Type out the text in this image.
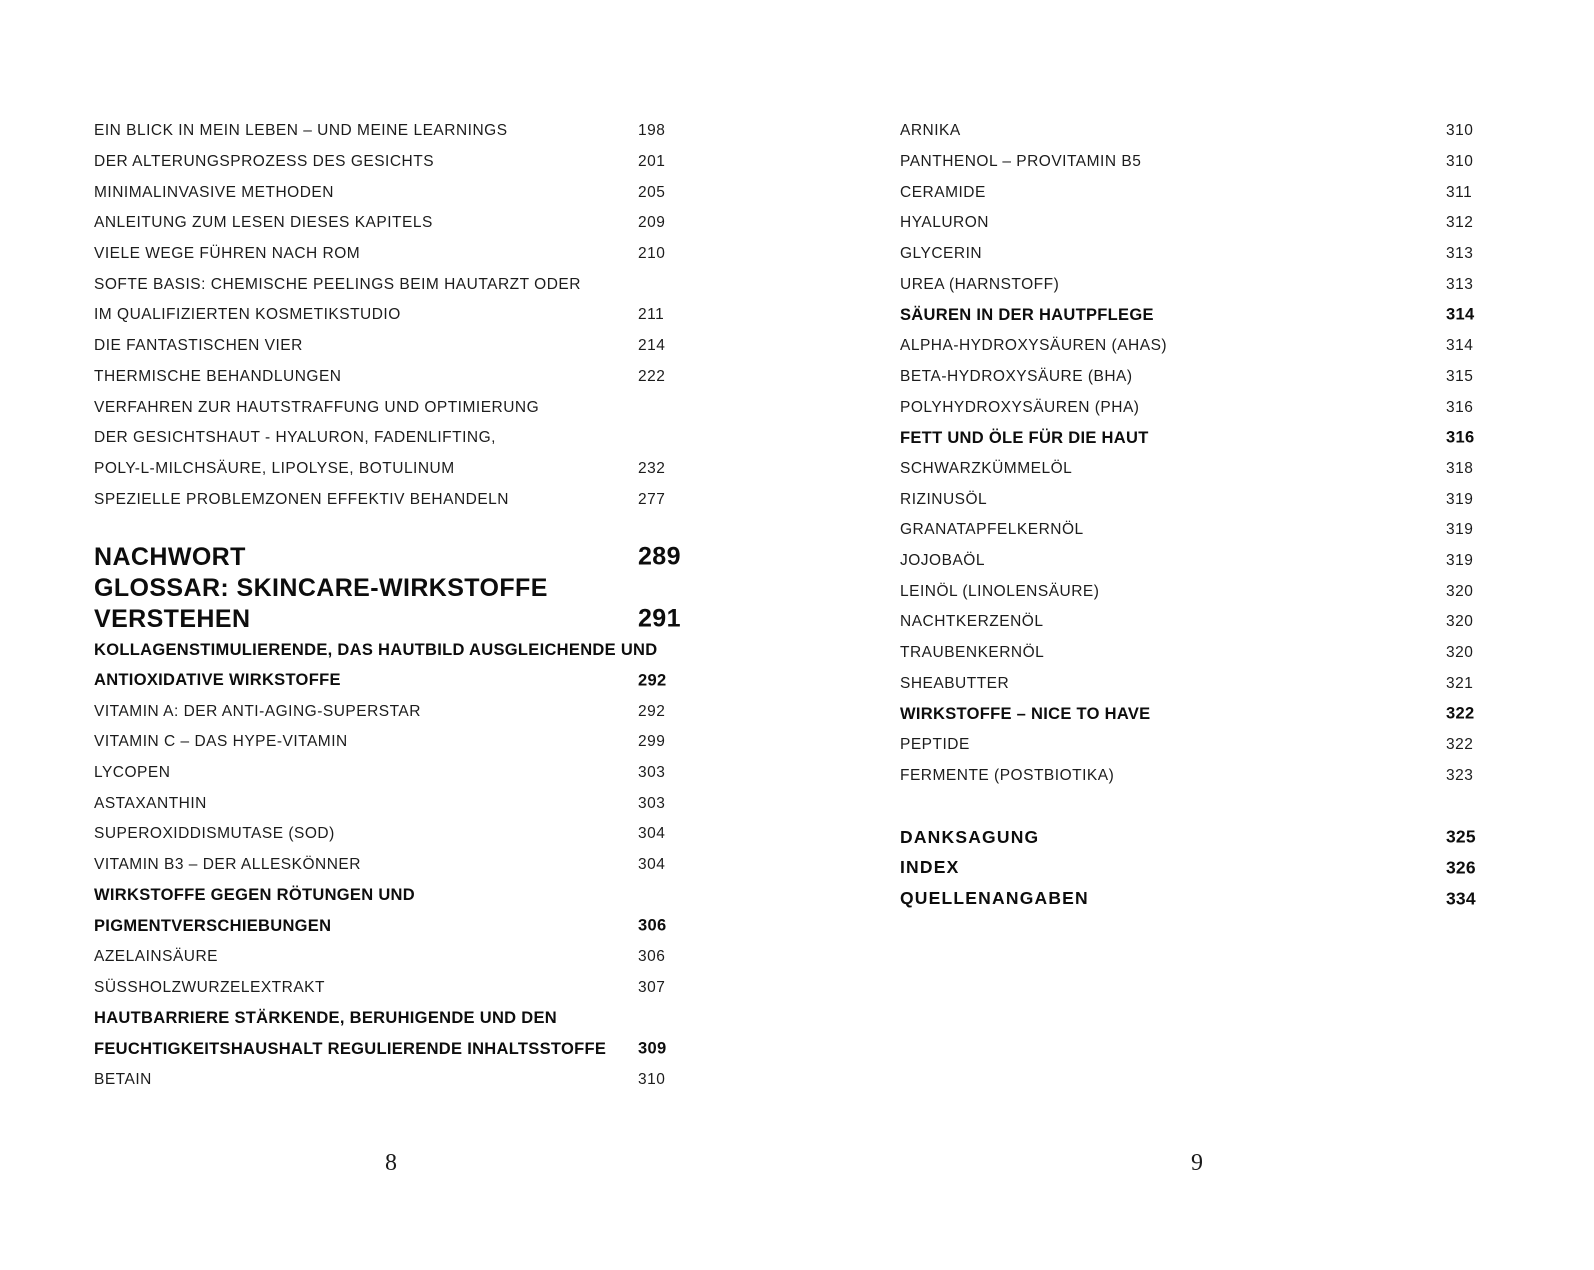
EIN BLICK IN MEIN LEBEN – UND MEINE LEARNINGS	198
DER ALTERUNGSPROZESS DES GESICHTS	201
MINIMALINVASIVE METHODEN	205
ANLEITUNG ZUM LESEN DIESES KAPITELS	209
VIELE WEGE FÜHREN NACH ROM	210
SOFTE BASIS: CHEMISCHE PEELINGS BEIM HAUTARZT ODER
IM QUALIFIZIERTEN KOSMETIKSTUDIO	211
DIE FANTASTISCHEN VIER	214
THERMISCHE BEHANDLUNGEN	222
VERFAHREN ZUR HAUTSTRAFFUNG UND OPTIMIERUNG
DER GESICHTSHAUT - HYALURON, FADENLIFTING,
POLY-L-MILCHSÄURE, LIPOLYSE, BOTULINUM	232
SPEZIELLE PROBLEMZONEN EFFEKTIV BEHANDELN	277
NACHWORT	289
GLOSSAR: SKINCARE-WIRKSTOFFE
VERSTEHEN	291
KOLLAGENSTIMULIERENDE, DAS HAUTBILD AUSGLEICHENDE UND
ANTIOXIDATIVE WIRKSTOFFE	292
VITAMIN A: DER ANTI-AGING-SUPERSTAR	292
VITAMIN C – DAS HYPE-VITAMIN	299
LYCOPEN	303
ASTAXANTHIN	303
SUPEROXIDDISMUTASE (SOD)	304
VITAMIN B3 – DER ALLESKÖNNER	304
WIRKSTOFFE GEGEN RÖTUNGEN UND
PIGMENTVERSCHIEBUNGEN	306
AZELAINSÄURE	306
SÜSSHOLZWURZELEXTRAKT	307
HAUTBARRIERE STÄRKENDE, BERUHIGENDE UND DEN
FEUCHTIGKEITSHAUSHALT REGULIERENDE INHALTSSTOFFE 309
BETAIN	310
ARNIKA	310
PANTHENOL – PROVITAMIN B5	310
CERAMIDE	311
HYALURON	312
GLYCERIN	313
UREA (HARNSTOFF)	313
SÄUREN IN DER HAUTPFLEGE	314
ALPHA-HYDROXYSÄUREN (AHAS)	314
BETA-HYDROXYSÄURE (BHA)	315
POLYHYDROXYSÄUREN (PHA)	316
FETT UND ÖLE FÜR DIE HAUT	316
SCHWARZKÜMMELÖL	318
RIZINUSÖL	319
GRANATAPFELKERNÖL	319
JOJOBAÖL	319
LEINÖL (LINOLENSÄURE)	320
NACHTKERZENÖL	320
TRAUBENKERNÖL	320
SHEABUTTER	321
WIRKSTOFFE – NICE TO HAVE	322
PEPTIDE	322
FERMENTE (POSTBIOTIKA)	323
DANKSAGUNG	325
INDEX	326
QUELLENANGABEN	334
8	9
